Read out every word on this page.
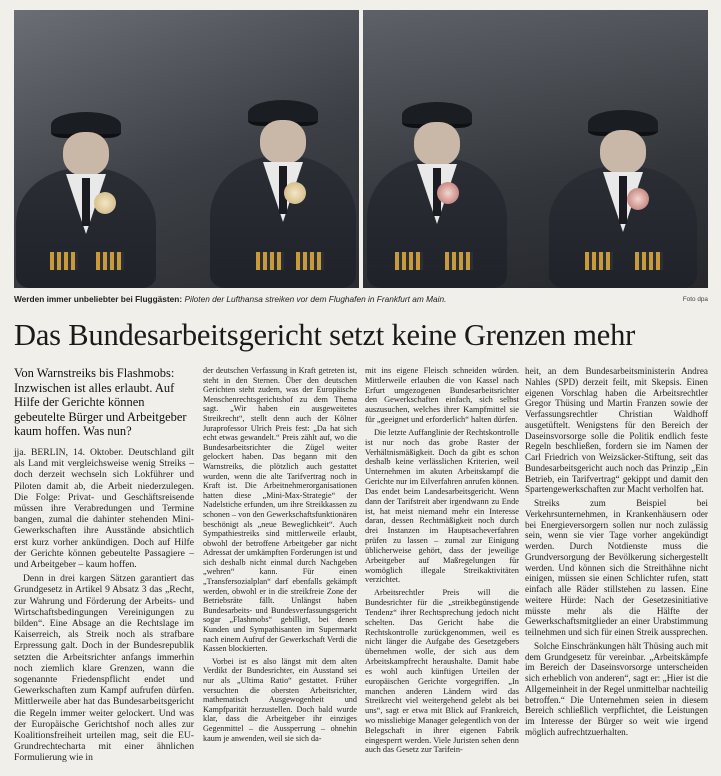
Werden immer unbeliebter bei Fluggästen: Piloten der Lufthansa streiken vor dem Flughafen in Frankfurt am Main.	Foto dpa
Das Bundesarbeitsgericht setzt keine Grenzen mehr
Von Warnstreiks bis Flashmobs: Inzwischen ist alles erlaubt. Auf Hilfe der Gerichte können gebeutelte Bürger und Arbeitgeber kaum hoffen. Was nun?

jja. BERLIN, 14. Oktober. Deutschland gilt als Land mit vergleichsweise wenig Streiks – doch derzeit wechseln sich Lokführer und Piloten damit ab, die Arbeit niederzulegen. Die Folge: Privat- und Geschäftsreisende müssen ihre Verabredungen und Termine bangen, zumal die dahinter stehenden Mini-Gewerkschaften ihre Ausstände absichtlich erst kurz vorher ankündigen. Doch auf Hilfe der Gerichte können gebeutelte Passagiere – und Arbeitgeber – kaum hoffen.

Denn in drei kargen Sätzen garantiert das Grundgesetz in Artikel 9 Absatz 3 das „Recht, zur Wahrung und Förderung der Arbeits- und Wirtschaftsbedingungen Vereinigungen zu bilden“. Eine Absage an die Rechtslage im Kaiserreich, als Streik noch als strafbare Erpressung galt. Doch in der Bundesrepublik setzten die Arbeitsrichter anfangs immerhin noch ziemlich klare Grenzen, wann die sogenannte Friedenspflicht endet und Gewerkschaften zum Kampf aufrufen dürfen. Mittlerweile aber hat das Bundesarbeitsgericht die Regeln immer weiter gelockert. Und was der Europäische Gerichtshof noch alles zur Koalitionsfreiheit urteilen mag, seit die EU-Grundrechtecharta mit einer ähnlichen Formulierung wie in

der deutschen Verfassung in Kraft getreten ist, steht in den Sternen. Über den deutschen Gerichten steht zudem, was der Europäische Menschenrechtsgerichtshof zu dem Thema sagt. „Wir haben ein ausgeweitetes Streikrecht“, stellt denn auch der Kölner Juraprofessor Ulrich Preis fest: „Da hat sich echt etwas gewandelt.“ Preis zählt auf, wo die Bundesarbeitsrichter die Zügel weiter gelockert haben. Das begann mit den Warnstreiks, die plötzlich auch gestattet wurden, wenn die alte Tarifvertrag noch in Kraft ist. Die Arbeitnehmerorganisationen hatten diese „Mini-Max-Strategie“ der Nadelstiche erfunden, um ihre Streikkassen zu schonen – von den Gewerkschaftsfunktionären beschönigt als „neue Beweglichkeit“. Auch Sympathiestreiks sind mittlerweile erlaubt, obwohl der betroffene Arbeitgeber gar nicht Adressat der umkämpften Forderungen ist und sich deshalb nicht einmal durch Nachgeben „wehren“ kann. Für einen „Transfersozialplan“ darf ebenfalls gekämpft werden, obwohl er in die streikfreie Zone der Betriebsräte fällt. Unlängst haben Bundesarbeits- und Bundesverfassungsgericht sogar „Flashmobs“ gebilligt, bei denen Kunden und Sympathisanten im Supermarkt nach einem Aufruf der Gewerkschaft Verdi die Kassen blockierten.

Vorbei ist es also längst mit dem alten Verdikt der Bundesrichter, ein Ausstand sei nur als „Ultima Ratio“ gestattet. Früher versuchten die obersten Arbeitsrichter, mathematisch Ausgewogenheit und Kampfparität herzustellen. Doch bald wurde klar, dass die Arbeitgeber ihr einziges Gegenmittel – die Aussperrung – ohnehin kaum je anwenden, weil sie sich da-

mit ins eigene Fleisch schneiden würden. Mittlerweile erlauben die von Kassel nach Erfurt umgezogenen Bundesarbeitsrichter den Gewerkschaften einfach, sich selbst auszusuchen, welches ihrer Kampfmittel sie für „geeignet und erforderlich“ halten dürfen.

Die letzte Auffanglinie der Rechtskontrolle ist nur noch das grobe Raster der Verhältnismäßigkeit. Doch da gibt es schon deshalb keine verlässlichen Kriterien, weil Unternehmen im akuten Arbeitskampf die Gerichte nur im Eilverfahren anrufen können. Das endet beim Landesarbeitsgericht. Wenn dann der Tarifstreit aber irgendwann zu Ende ist, hat meist niemand mehr ein Interesse daran, dessen Rechtmäßigkeit noch durch drei Instanzen im Hauptsacheverfahren prüfen zu lassen – zumal zur Einigung üblicherweise gehört, dass der jeweilige Arbeitgeber auf Maßregelungen für womöglich illegale Streikaktivitäten verzichtet.

Arbeitsrechtler Preis will die Bundesrichter für die „streikbegünstigende Tendenz“ ihrer Rechtsprechung jedoch nicht schelten. Das Gericht habe die Rechtskontrolle zurückgenommen, weil es nicht länger die Aufgabe des Gesetzgebers übernehmen wolle, der sich aus dem Arbeitskampfrecht heraushalte. Damit habe es wohl auch künftigen Urteilen der europäischen Gerichte vorgegriffen. „In manchen anderen Ländern wird das Streikrecht viel weitergehend gelebt als bei uns“, sagt er etwa mit Blick auf Frankreich, wo missliebige Manager gelegentlich von der Belegschaft in ihrer eigenen Fabrik eingesperrt werden. Viele Juristen sehen denn auch das Gesetz zur Tarifein-

heit, an dem Bundesarbeitsministerin Andrea Nahles (SPD) derzeit feilt, mit Skepsis. Einen eigenen Vorschlag haben die Arbeitsrechtler Gregor Thüsing und Martin Franzen sowie der Verfassungsrechtler Christian Waldhoff ausgetüftelt. Wenigstens für den Bereich der Daseinsvorsorge solle die Politik endlich feste Regeln beschließen, fordern sie im Namen der Carl Friedrich von Weizsäcker-Stiftung, seit das Bundesarbeitsgericht auch noch das Prinzip „Ein Betrieb, ein Tarifvertrag“ gekippt und damit den Spartengewerkschaften zur Macht verholfen hat.

Streiks zum Beispiel bei Verkehrsunternehmen, in Krankenhäusern oder bei Energieversorgern sollen nur noch zulässig sein, wenn sie vier Tage vorher angekündigt werden. Durch Notdienste muss die Grundversorgung der Bevölkerung sichergestellt werden. Und können sich die Streithähne nicht einigen, müssen sie einen Schlichter rufen, statt einfach alle Räder stillstehen zu lassen. Eine weitere Hürde: Nach der Gesetzesinitiative müsste mehr als die Hälfte der Gewerkschaftsmitglieder an einer Urabstimmung teilnehmen und sich für einen Streik aussprechen.

Solche Einschränkungen hält Thüsing auch mit dem Grundgesetz für vereinbar. „Arbeitskämpfe im Bereich der Daseinsvorsorge unterscheiden sich erheblich von anderen“, sagt er: „Hier ist die Allgemeinheit in der Regel unmittelbar nachteilig betroffen.“ Die Unternehmen seien in diesem Bereich schließlich verpflichtet, die Leistungen im Interesse der Bürger so weit wie irgend möglich aufrechtzuerhalten.
